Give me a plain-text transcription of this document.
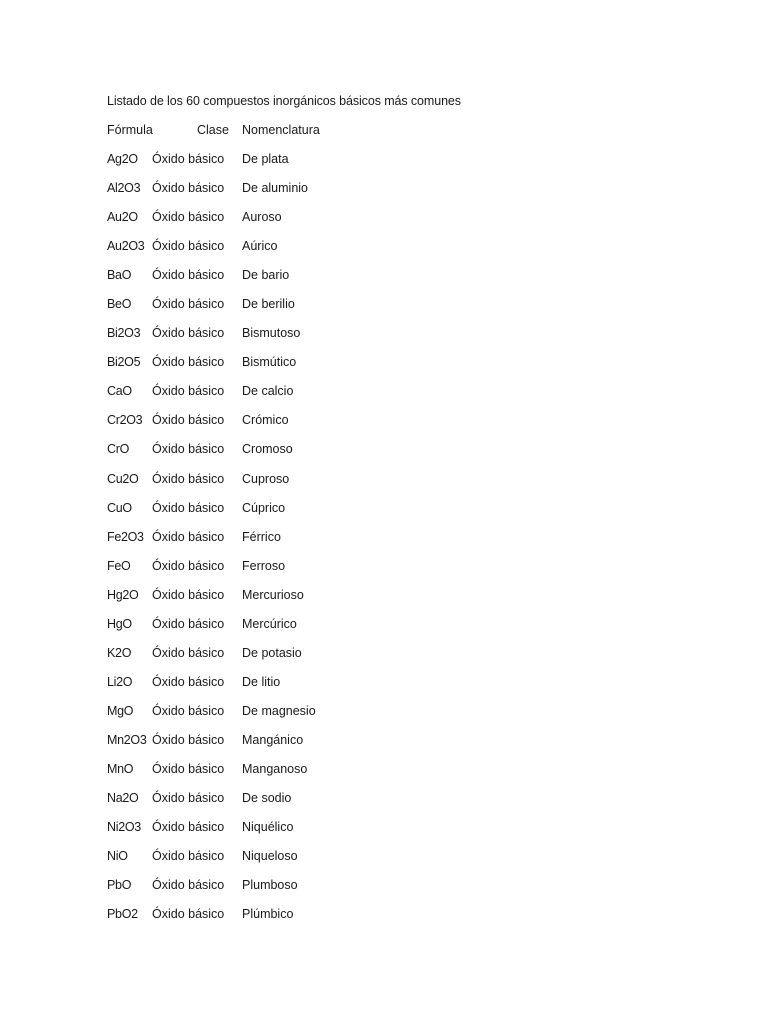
Listado de los 60 compuestos inorgánicos básicos más comunes
Fórmula	Clase Nomenclatura
Ag2O Óxido básico De plata
Al2O3 Óxido básico De aluminio
Au2O Óxido básico Auroso
Au2O3 Óxido básico Aúrico
BaO Óxido básico De bario
BeO Óxido básico De berilio
Bi2O3 Óxido básico Bismutoso
Bi2O5 Óxido básico Bismútico
CaO Óxido básico De calcio
Cr2O3 Óxido básico Crómico
CrO Óxido básico Cromoso
Cu2O Óxido básico Cuproso
CuO Óxido básico Cúprico
Fe2O3 Óxido básico Férrico
FeO Óxido básico Ferroso
Hg2O Óxido básico Mercurioso
HgO Óxido básico Mercúrico
K2O Óxido básico De potasio
Li2O Óxido básico De litio
MgO Óxido básico De magnesio
Mn2O3 Óxido básico Mangánico
MnO Óxido básico Manganoso
Na2O Óxido básico De sodio
Ni2O3 Óxido básico Niquélico
NiO Óxido básico Niqueloso
PbO Óxido básico Plumboso
PbO2 Óxido básico Plúmbico
